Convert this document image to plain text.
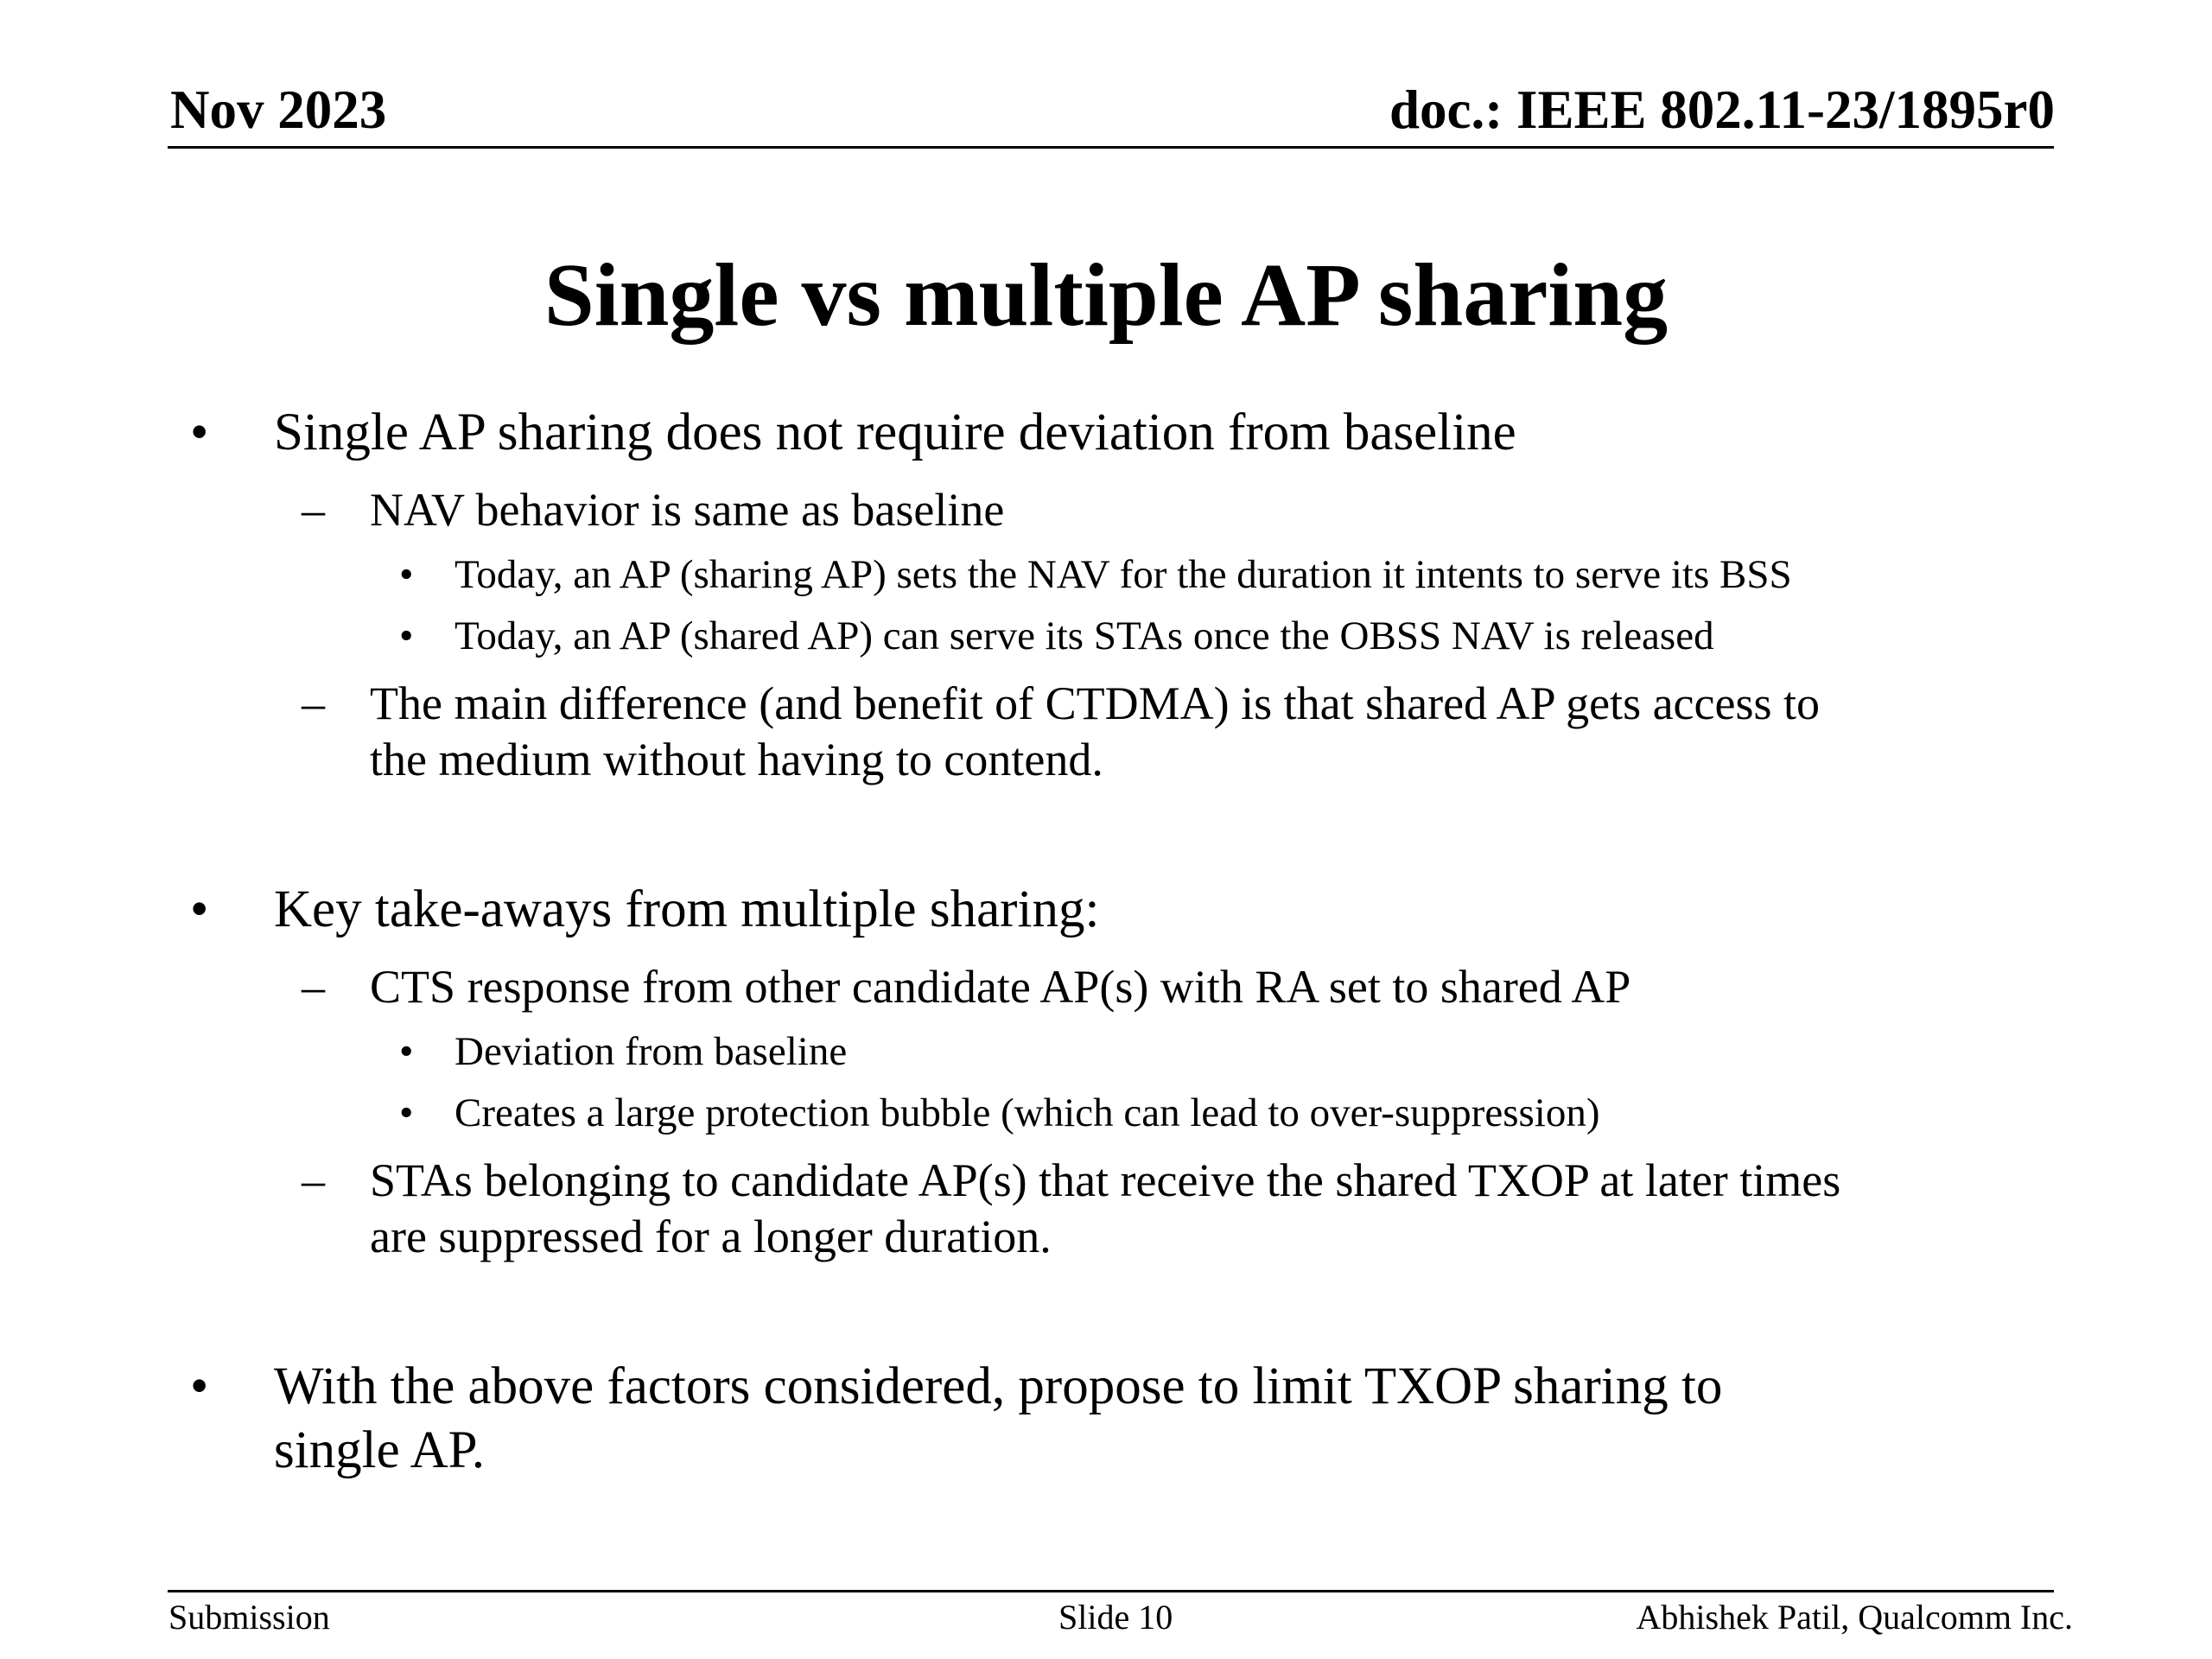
Nov 2023	doc.: IEEE 802.11-23/1895r0
Single vs multiple AP sharing
• Single AP sharing does not require deviation from baseline
– NAV behavior is same as baseline
• Today, an AP (sharing AP) sets the NAV for the duration it intents to serve its BSS
• Today, an AP (shared AP) can serve its STAs once the OBSS NAV is released
– The main difference (and benefit of CTDMA) is that shared AP gets access to
the medium without having to contend.
• Key take-aways from multiple sharing:
– CTS response from other candidate AP(s) with RA set to shared AP
• Deviation from baseline
• Creates a large protection bubble (which can lead to over-suppression)
– STAs belonging to candidate AP(s) that receive the shared TXOP at later times
are suppressed for a longer duration.
• With the above factors considered, propose to limit TXOP sharing to
single AP.
Submission	Slide 10	Abhishek Patil, Qualcomm Inc.
